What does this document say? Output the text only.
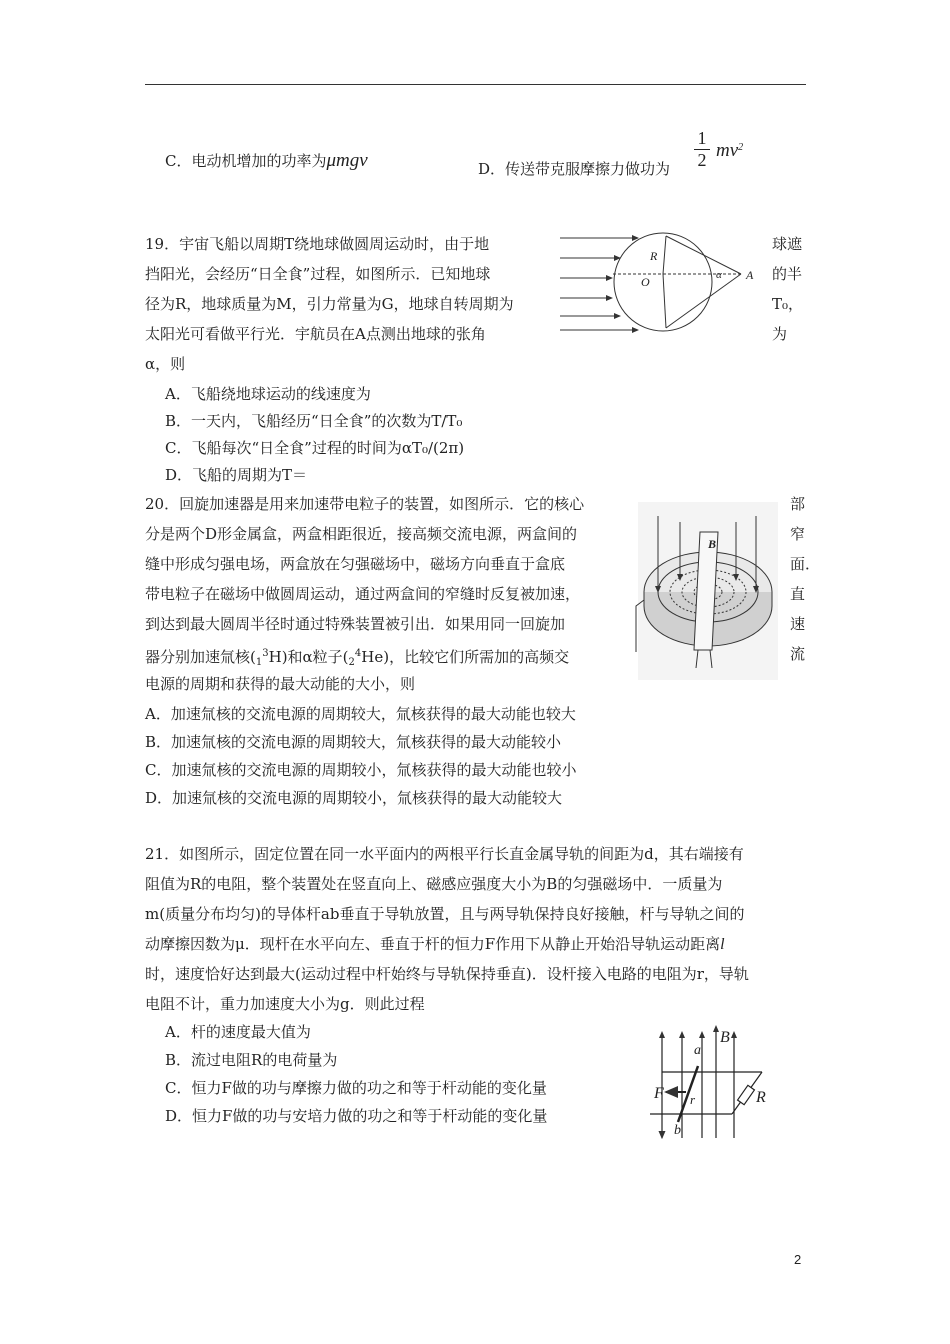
C．电动机增加的功率为μmgv	D．传送带克服摩擦力做功为 $\frac{1}{2} mv^2$
19．宇宙飞船以周期T绕地球做圆周运动时，由于地
挡阳光，会经历“日全食”过程，如图所示．已知地球
径为R，地球质量为M，引力常量为G，地球自转周期为
太阳光可看做平行光．宇航员在A点测出地球的张角
α，则
球遮
的半
T₀，
为
A．飞船绕地球运动的线速度为
B．一天内，飞船经历“日全食”的次数为T/T₀
C．飞船每次“日全食”过程的时间为αT₀/(2π)
D．飞船的周期为T＝
R
O	α A
20．回旋加速器是用来加速带电粒子的装置，如图所示．它的核心
分是两个D形金属盒，两盒相距很近，接高频交流电源，两盒间的
缝中形成匀强电场，两盒放在匀强磁场中，磁场方向垂直于盒底
带电粒子在磁场中做圆周运动，通过两盒间的窄缝时反复被加速，
到达到最大圆周半径时通过特殊装置被引出．如果用同一回旋加
器分别加速氚核$(_1^3H)$和α粒子$(_2^4He)$，比较它们所需加的高频交
电源的周期和获得的最大动能的大小，则
部
窄
面．
直
速
流
A．加速氚核的交流电源的周期较大，氚核获得的最大动能也较大
B．加速氚核的交流电源的周期较大，氚核获得的最大动能较小
C．加速氚核的交流电源的周期较小，氚核获得的最大动能也较小
D．加速氚核的交流电源的周期较小，氚核获得的最大动能较大
B
21．如图所示，固定位置在同一水平面内的两根平行长直金属导轨的间距为d，其右端接有
阻值为R的电阻，整个装置处在竖直向上、磁感应强度大小为B的匀强磁场中．一质量为
m(质量分布均匀)的导体杆ab垂直于导轨放置，且与两导轨保持良好接触，杆与导轨之间的
动摩擦因数为μ．现杆在水平向左、垂直于杆的恒力F作用下从静止开始沿导轨运动距离l
时，速度恰好达到最大(运动过程中杆始终与导轨保持垂直)．设杆接入电路的电阻为r，导轨
电阻不计，重力加速度大小为g．则此过程
A．杆的速度最大值为
B．流过电阻R的电荷量为
C．恒力F做的功与摩擦力做的功之和等于杆动能的变化量
D．恒力F做的功与安培力做的功之和等于杆动能的变化量
a
B
F r	R
b
2
